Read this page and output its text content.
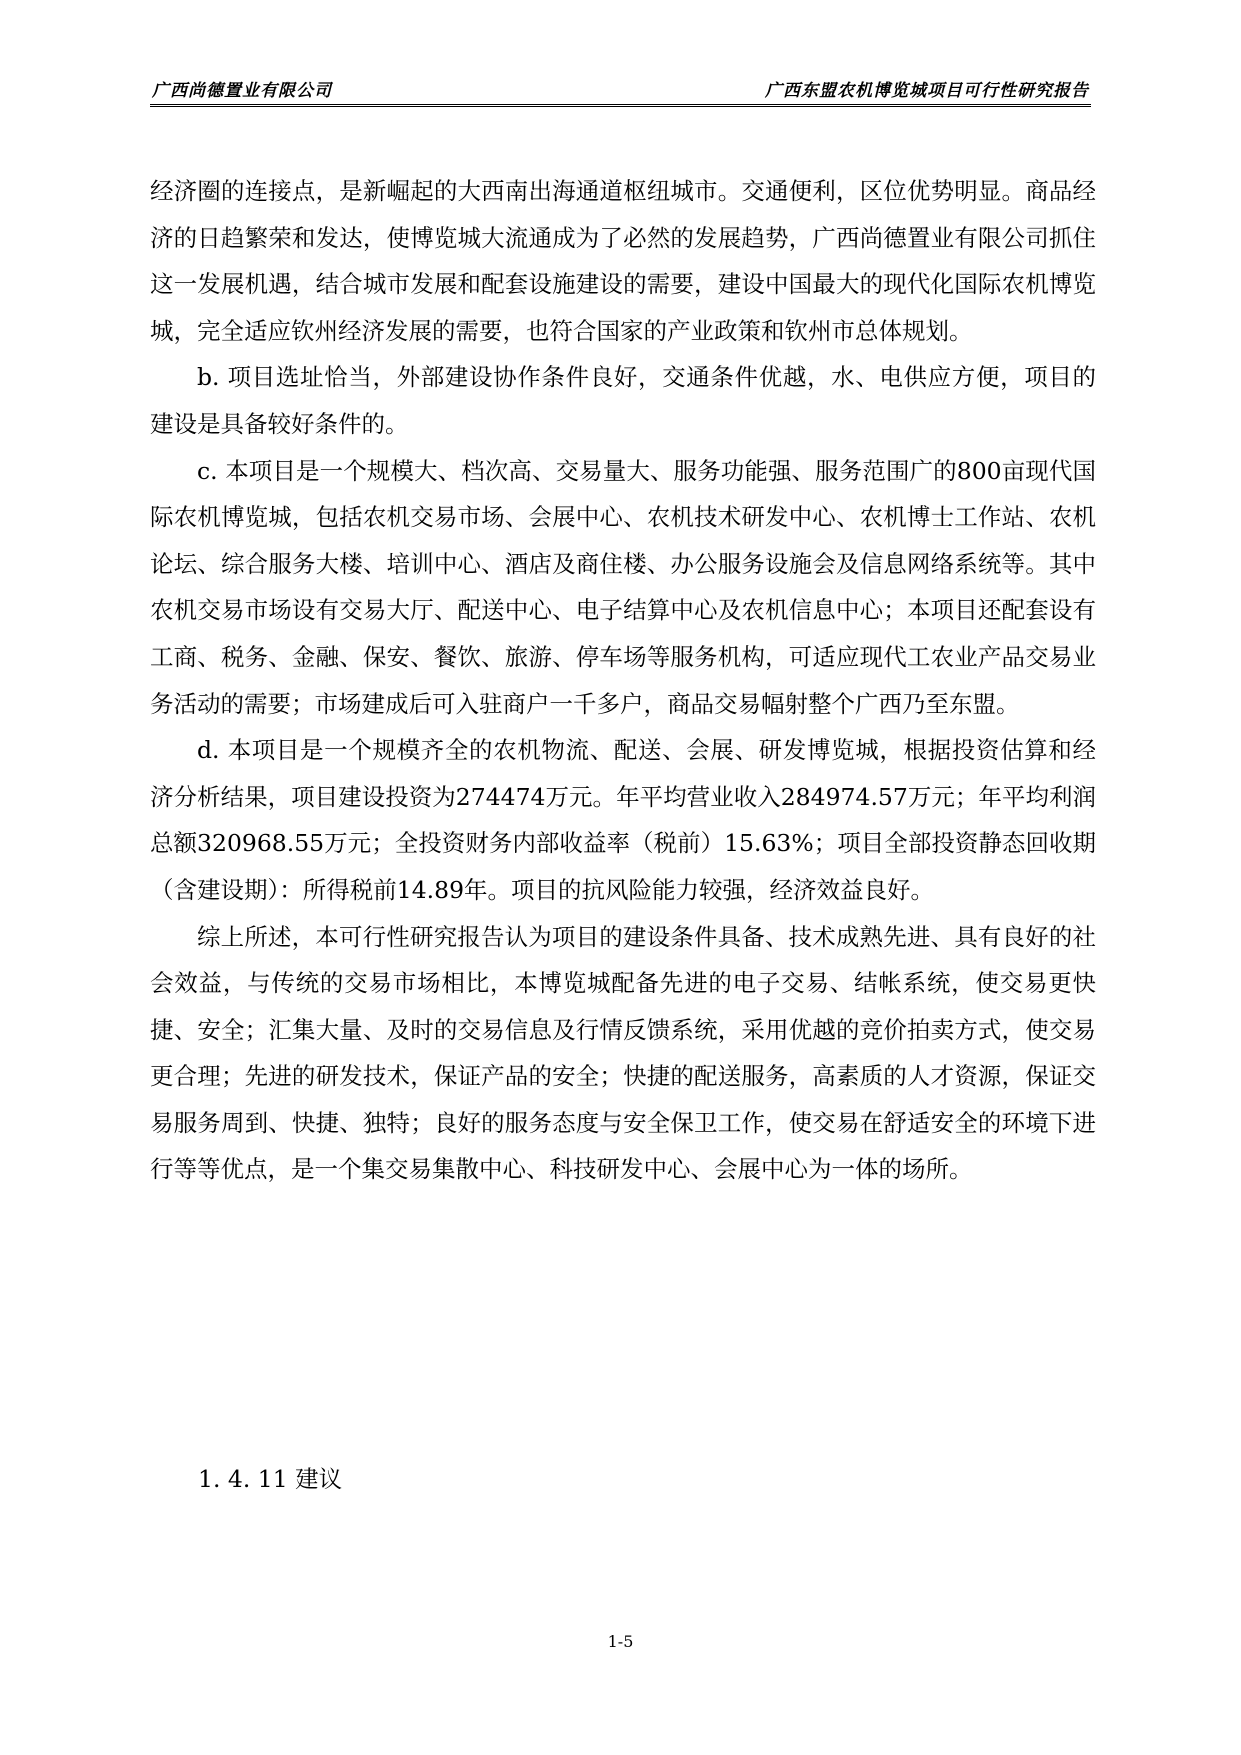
广西尚德置业有限公司	广西东盟农机博览城项目可行性研究报告

经济圈的连接点，是新崛起的大西南出海通道枢纽城市。交通便利，区位优势明显。商品经济的日趋繁荣和发达，使博览城大流通成为了必然的发展趋势，广西尚德置业有限公司抓住这一发展机遇，结合城市发展和配套设施建设的需要，建设中国最大的现代化国际农机博览城，完全适应钦州经济发展的需要，也符合国家的产业政策和钦州市总体规划。

b. 项目选址恰当，外部建设协作条件良好，交通条件优越，水、电供应方便，项目的建设是具备较好条件的。

c. 本项目是一个规模大、档次高、交易量大、服务功能强、服务范围广的800亩现代国际农机博览城，包括农机交易市场、会展中心、农机技术研发中心、农机博士工作站、农机论坛、综合服务大楼、培训中心、酒店及商住楼、办公服务设施会及信息网络系统等。其中农机交易市场设有交易大厅、配送中心、电子结算中心及农机信息中心；本项目还配套设有工商、税务、金融、保安、餐饮、旅游、停车场等服务机构，可适应现代工农业产品交易业务活动的需要；市场建成后可入驻商户一千多户，商品交易幅射整个广西乃至东盟。

d. 本项目是一个规模齐全的农机物流、配送、会展、研发博览城，根据投资估算和经济分析结果，项目建设投资为274474万元。年平均营业收入284974.57万元；年平均利润总额320968.55万元；全投资财务内部收益率（税前）15.63%；项目全部投资静态回收期（含建设期）：所得税前14.89年。项目的抗风险能力较强，经济效益良好。

综上所述，本可行性研究报告认为项目的建设条件具备、技术成熟先进、具有良好的社会效益，与传统的交易市场相比，本博览城配备先进的电子交易、结帐系统，使交易更快捷、安全；汇集大量、及时的交易信息及行情反馈系统，采用优越的竞价拍卖方式，使交易更合理；先进的研发技术，保证产品的安全；快捷的配送服务，高素质的人才资源，保证交易服务周到、快捷、独特；良好的服务态度与安全保卫工作，使交易在舒适安全的环境下进行等等优点，是一个集交易集散中心、科技研发中心、会展中心为一体的场所。

1. 4. 11 建议
1-5
